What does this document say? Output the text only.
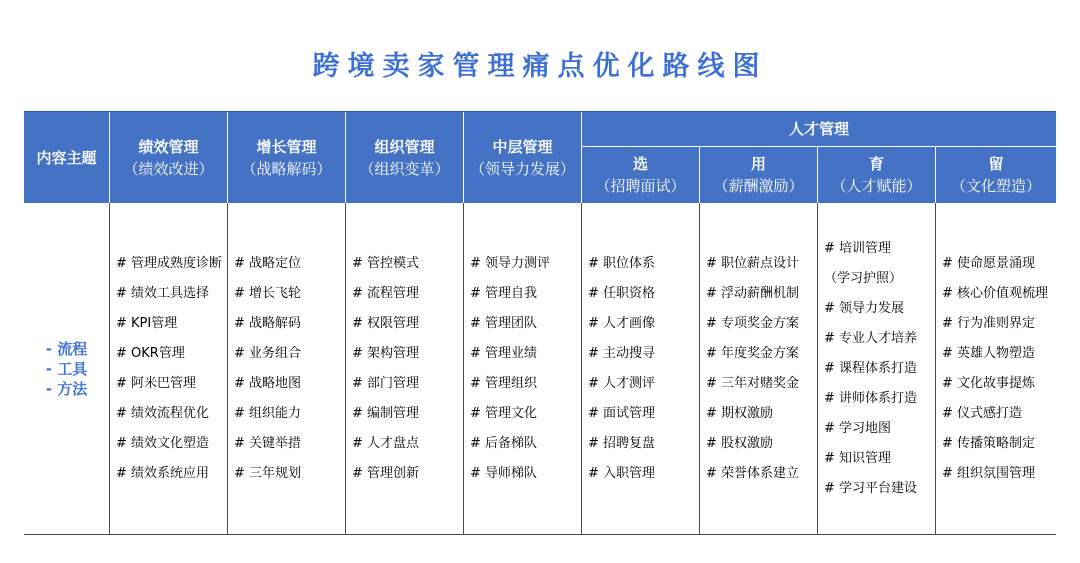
跨境卖家管理痛点优化路线图
内容主题
绩效管理
（绩效改进）
增长管理
（战略解码）
组织管理
（组织变革）
中层管理
（领导力发展）
人才管理
选
（招聘面试）
用
（薪酬激励）
育
（人才赋能）
留
（文化塑造）
- 流程
- 工具
- 方法
# 管理成熟度诊断
# 绩效工具选择
# KPI管理
# OKR管理
# 阿米巴管理
# 绩效流程优化
# 绩效文化塑造
# 绩效系统应用
# 战略定位
# 增长飞轮
# 战略解码
# 业务组合
# 战略地图
# 组织能力
# 关键举措
# 三年规划
# 管控模式
# 流程管理
# 权限管理
# 架构管理
# 部门管理
# 编制管理
# 人才盘点
# 管理创新
# 领导力测评
# 管理自我
# 管理团队
# 管理业绩
# 管理组织
# 管理文化
# 后备梯队
# 导师梯队
# 职位体系
# 任职资格
# 人才画像
# 主动搜寻
# 人才测评
# 面试管理
# 招聘复盘
# 入职管理
# 职位薪点设计
# 浮动薪酬机制
# 专项奖金方案
# 年度奖金方案
# 三年对赌奖金
# 期权激励
# 股权激励
# 荣誉体系建立
# 培训管理
（学习护照）
# 领导力发展
# 专业人才培养
# 课程体系打造
# 讲师体系打造
# 学习地图
# 知识管理
# 学习平台建设
# 使命愿景涌现
# 核心价值观梳理
# 行为准则界定
# 英雄人物塑造
# 文化故事提炼
# 仪式感打造
# 传播策略制定
# 组织氛围管理
